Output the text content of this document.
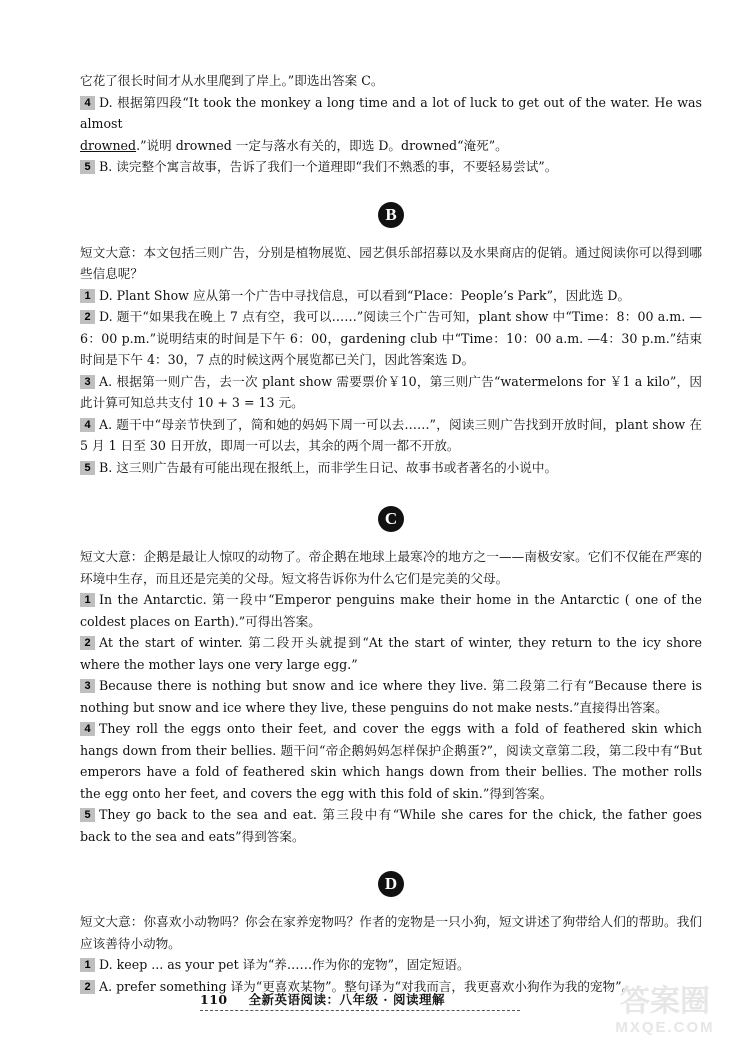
它花了很长时间才从水里爬到了岸上。”即选出答案 C。

4 D. 根据第四段“It took the monkey a long time and a lot of luck to get out of the water. He was almost
drowned.”说明 drowned 一定与落水有关的，即选 D。drowned“淹死”。

5 B. 读完整个寓言故事，告诉了我们一个道理即“我们不熟悉的事，不要轻易尝试”。

B

短文大意：本文包括三则广告，分别是植物展览、园艺俱乐部招募以及水果商店的促销。通过阅读你可以得到哪些信息呢？

1 D. Plant Show 应从第一个广告中寻找信息，可以看到“Place：People’s Park”，因此选 D。

2 D. 题干“如果我在晚上 7 点有空，我可以……”阅读三个广告可知，plant show 中“Time：8：00 a.m. —6：00 p.m.”说明结束的时间是下午 6：00，gardening club 中“Time：10：00 a.m. —4：30 p.m.”结束时间是下午 4：30，7 点的时候这两个展览都已关门，因此答案选 D。

3 A. 根据第一则广告，去一次 plant show 需要票价￥10，第三则广告“watermelons for ￥1 a kilo”，因此计算可知总共支付 10 + 3 = 13 元。

4 A. 题干中“母亲节快到了，简和她的妈妈下周一可以去……”，阅读三则广告找到开放时间，plant show 在 5 月 1 日至 30 日开放，即周一可以去，其余的两个周一都不开放。

5 B. 这三则广告最有可能出现在报纸上，而非学生日记、故事书或者著名的小说中。

C

短文大意：企鹅是最让人惊叹的动物了。帝企鹅在地球上最寒冷的地方之一——南极安家。它们不仅能在严寒的环境中生存，而且还是完美的父母。短文将告诉你为什么它们是完美的父母。

1 In the Antarctic. 第一段中“Emperor penguins make their home in the Antarctic ( one of the coldest places on Earth).”可得出答案。

2 At the start of winter. 第二段开头就提到“At the start of winter, they return to the icy shore where the mother lays one very large egg.”

3 Because there is nothing but snow and ice where they live. 第二段第二行有“Because there is nothing but snow and ice where they live, these penguins do not make nests.”直接得出答案。

4 They roll the eggs onto their feet, and cover the eggs with a fold of feathered skin which hangs down from their bellies. 题干问“帝企鹅妈妈怎样保护企鹅蛋?”，阅读文章第二段，第二段中有“But emperors have a fold of feathered skin which hangs down from their bellies. The mother rolls the egg onto her feet, and covers the egg with this fold of skin.”得到答案。

5 They go back to the sea and eat. 第三段中有“While she cares for the chick, the father goes back to the sea and eats”得到答案。

D

短文大意：你喜欢小动物吗？你会在家养宠物吗？作者的宠物是一只小狗，短文讲述了狗带给人们的帮助。我们应该善待小动物。

1 D. keep ... as your pet 译为“养……作为你的宠物”，固定短语。

2 A. prefer something 译为“更喜欢某物”。整句译为“对我而言，我更喜欢小狗作为我的宠物”。

110 全新英语阅读：八年级 · 阅读理解	答案圈
MXQE.COM
